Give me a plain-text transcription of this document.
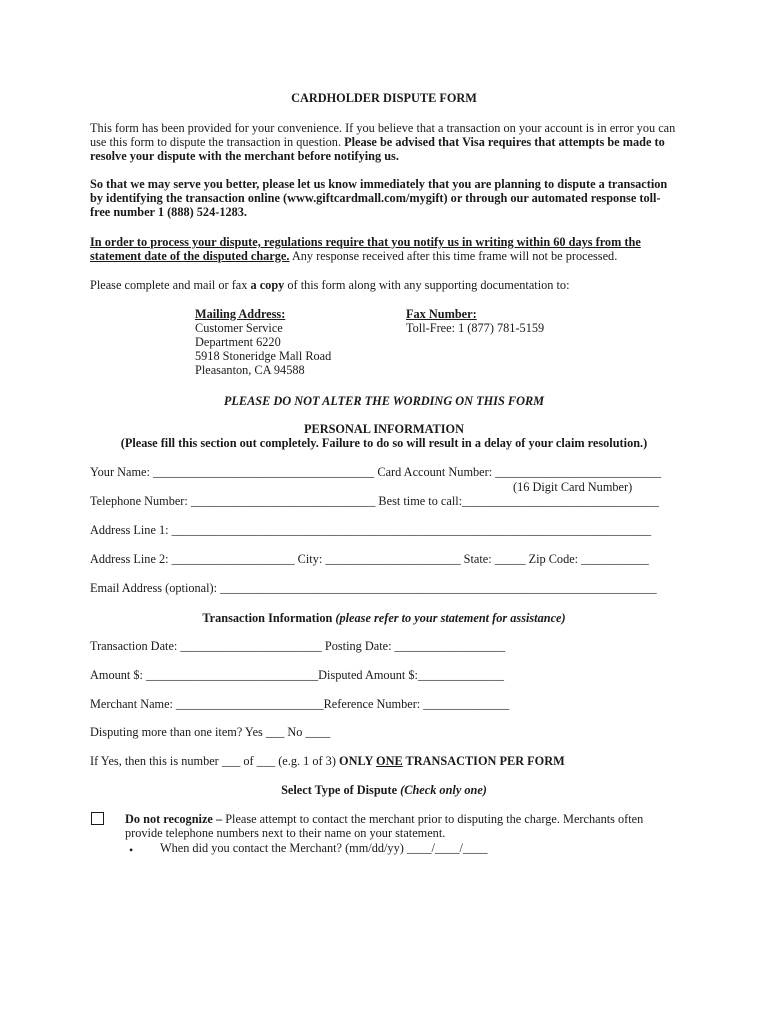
CARDHOLDER DISPUTE FORM
This form has been provided for your convenience. If you believe that a transaction on your account is in error you can use this form to dispute the transaction in question. Please be advised that Visa requires that attempts be made to resolve your dispute with the merchant before notifying us.
So that we may serve you better, please let us know immediately that you are planning to dispute a transaction by identifying the transaction online (www.giftcardmall.com/mygift) or through our automated response toll-free number 1 (888) 524-1283.
In order to process your dispute, regulations require that you notify us in writing within 60 days from the statement date of the disputed charge. Any response received after this time frame will not be processed.
Please complete and mail or fax a copy of this form along with any supporting documentation to:
Mailing Address:
Customer Service
Department 6220
5918 Stoneridge Mall Road
Pleasanton, CA 94588
Fax Number:
Toll-Free: 1 (877) 781-5159
PLEASE DO NOT ALTER THE WORDING ON THIS FORM
PERSONAL INFORMATION
(Please fill this section out completely. Failure to do so will result in a delay of your claim resolution.)
Your Name: ____________________________________ Card Account Number: ___________________________
(16 Digit Card Number)
Telephone Number: ______________________________ Best time to call:________________________________
Address Line 1: ______________________________________________________________________________
Address Line 2: ____________________ City: ______________________ State: _____ Zip Code: ___________
Email Address (optional): _______________________________________________________________________
Transaction Information (please refer to your statement for assistance)
Transaction Date: _______________________ Posting Date: __________________
Amount $: ____________________________Disputed Amount $:______________
Merchant Name: ________________________Reference Number: ______________
Disputing more than one item? Yes ___ No ____
If Yes, then this is number ___ of ___ (e.g. 1 of 3) ONLY ONE TRANSACTION PER FORM
Select Type of Dispute (Check only one)
Do not recognize – Please attempt to contact the merchant prior to disputing the charge. Merchants often
provide telephone numbers next to their name on your statement.
• When did you contact the Merchant? (mm/dd/yy) ____/____/____
